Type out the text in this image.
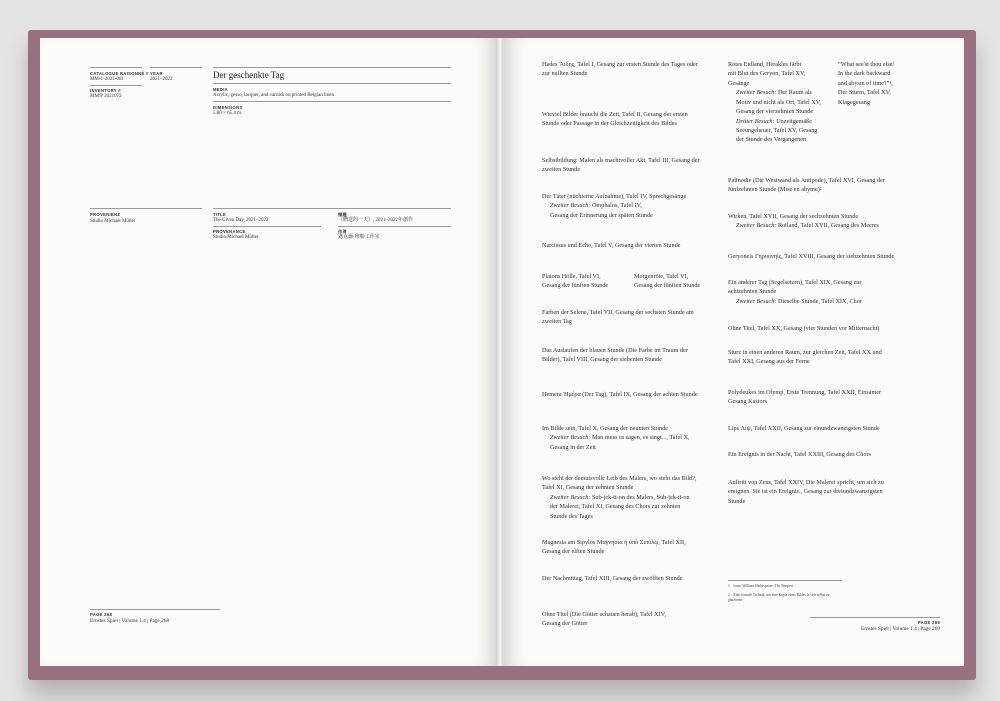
CATALOGUE RAISONNÉ #
MM-1-2021-001
INVENTORY #
MM/P 2021072
YEAR
2021–2022	Der geschenkte Tag
MEDIA
Acrylic, gesso, lacquer, and varnish on printed Belgian linen
DIMENSIONS
5.80 × 65.4 m
PROVENIENZ
Studio Michael Müller
TITLE
The Given Day, 2021–2022
PROVENANCE
Studio Michael Müller
標題
《贈送的一天》, 2021–2022年創作
作者
邁克爾·穆勒工作室
PAGE 268
Ernstes Spiel | Volume 1.4 | Page 268
Hades Ἅιδης, Tafel I, Gesang zur ersten Stunde des Tages oder
zur nullten Stunde
Wieviel Bilder braucht die Zeit, Tafel II, Gesang der ersten
Stunde oder Passage in der Gleichzeitigkeit des Bildes
Selbstbildung: Malen als machtvoller Akt, Tafel III, Gesang der
zweiten Stunde
Der Täter (nüchterne Aufnahme), Tafel IV, Sprechgesänge
Zweiter Besuch: Omphalos, Tafel IV,
Gesang der Erinnerung der späten Stunde
Narcissus und Echo, Tafel V, Gesang der vierten Stunde
Platons Hölle, Tafel VI,
Gesang der fünften Stunde
Morgenröte, Tafel VI,
Gesang der fünften Stunde
Farben der Selene, Tafel VII, Gesang der sechsten Stunde am
zweiten Tag
Das Auslaufen der blauen Stunde (Die Farbe im Traum der
Bilder), Tafel VIII, Gesang der siebenten Stunde
Hemera Ἡμέρα (Der Tag), Tafel IX, Gesang der achten Stunde
Im Bilde sein, Tafel X, Gesang der neunten Stunde
Zweiter Besuch: Man muss es sagen, es singt..., Tafel X,
Gesang in der Zeit
Wo steht der demutsvolle Leib des Malers, wo steht das Bild?,
Tafel XI, Gesang der zehnten Stunde
Zweiter Besuch: Sub-jek-ti-on des Malers, Sub-jek-ti-on
der Malerei, Tafel XI, Gesang des Chors zur zehnten
Stunde des Tages
Magnesia am Sipylos Μαγνησία ἡ ὑπὸ Σιπύλῳ, Tafel XII,
Gesang der elften Stunde
Der Nachmittag, Tafel XIII, Gesang der zwölften Stunde
Ohne Titel (Die Götter schauen herab), Tafel XIV,
Gesang der Götter
Rotes Eidland, Herakles färbt
mit Blut des Geryon, Tafel XV,
Gesänge
Zweiter Besuch: Der Raum als
Motiv und nicht als Ort, Tafel XV,
Gesang der vierzehnten Stunde
Dritter Besuch: Unzeitgemäße
Seeungeheuer, Tafel XV, Gesang
der Stunde des Vergangenen
Palinodie (Die Westwand als Antipode), Tafel XVI, Gesang der
fünfzehnten Stunde (Mise en abyme)²
Wirken, Tafel XVII, Gesang der sechzehnten Stunde
Zweiter Besuch: Rotland, Tafel XVII, Gesang des Meeres
Geryoneis Γηρυονηίς, Tafel XVIII, Gesang der siebzehnten Stunde
Ein anderer Tag (Segelsetzen), Tafel XIX, Gesang zur
achtzehnten Stunde
Zweiter Besuch: Dieselbe Stunde, Tafel XIX, Chor
Ohne Titel, Tafel XX, Gesang (vier Stunden vor Mitternacht)
Sturz in einen anderen Raum, zur gleichen Zeit, Tafel XX und
Tafel XXI, Gesang aus der Ferne
Polydeukes im Olymp, Erste Trennung, Tafel XXII, Einsamer
Gesang Kastors
Lips Λίψ, Tafel XXII, Gesang zur einundzwanzigsten Stunde
Ein Ereignis in der Nacht, Tafel XXIII, Gesang des Chors
Auftritt von Zeus, Tafel XXIV, Die Malerei spricht, um sich zu
ereignen. Sie ist ein Ereignis., Gesang zur dreiundzwanzigsten
Stunde
“What see'st thou else/
In the dark backward
and abysm of time?”¹,
Der Sturm, Tafel XV,
Klagegesang
1 from: William Shakespeare: The Tempest
2 Eine formale Technik, um eine Kopie eines Bildes in sich selbst zu platzieren
PAGE 269
Ernstes Spiel | Volume 1.4 | Page 269
